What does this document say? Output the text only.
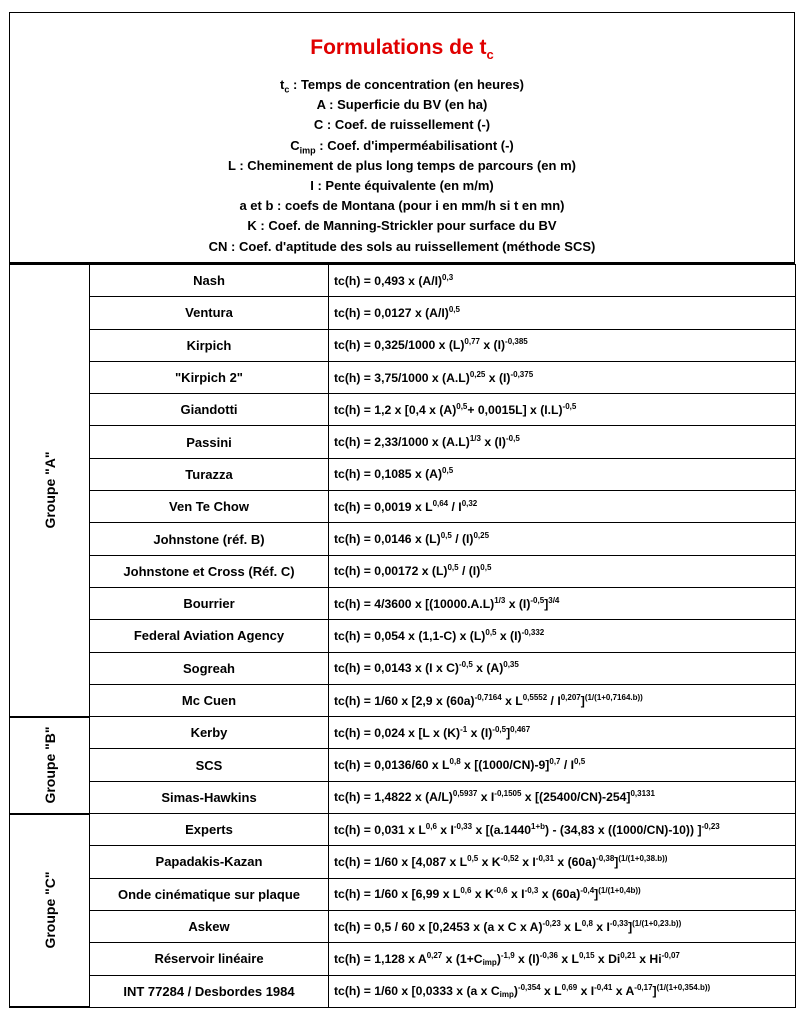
Formulations de $t_c$
$t_c$ : Temps de concentration (en heures)
A : Superficie du BV (en ha)
C : Coef. de ruissellement (-)
$C_{imp}$ : Coef. d'imperméabilisationt (-)
L : Cheminement de plus long temps de parcours (en m)
I : Pente équivalente (en m/m)
a et b : coefs de Montana (pour i en mm/h si t en mn)
K : Coef. de Manning-Strickler pour surface du BV
CN : Coef. d'aptitude des sols au ruissellement (méthode SCS)
Groupe "A"	Nash	tc(h) = 0,493 x $(A/I)^{0,3}$
	Ventura	tc(h) = 0,0127 x $(A/I)^{0,5}$
	Kirpich	tc(h) = 0,325/1000 x $(L)^{0,77}$ x $(I)^{-0,385}$
	"Kirpich 2"	tc(h) = 3,75/1000 x $(A.L)^{0,25}$ x $(I)^{-0,375}$
	Giandotti	tc(h) = 1,2 x [0,4 x $(A)^{0,5}+ 0,0015L$] x $(I.L)^{-0,5}$
	Passini	tc(h) = 2,33/1000 x $(A.L)^{1/3}$ x $(I)^{-0,5}$
	Turazza	tc(h) = 0,1085 x $(A)^{0,5}$
	Ven Te Chow	tc(h) = 0,0019 x L$^{0,64}$ / I$^{0,32}$
	Johnstone (réf. B)	tc(h) = 0,0146 x $(L)^{0,5} / (I)^{0,25}$
	Johnstone et Cross (Réf. C)	tc(h) = 0,00172 x $(L)^{0,5} / (I)^{0,5}$
	Bourrier	tc(h) = 4/3600 x [$(10000.A.L)^{1/3}$ x $(I)^{-0,5}]^{3/4}$
	Federal Aviation Agency	tc(h) = 0,054 x (1,1-C) x $(L)^{0,5}$ x $(I)^{-0,332}$
	Sogreah	tc(h) = 0,0143 x (I x C)$^{-0,5}$ x $(A)^{0,35}$
	Mc Cuen	tc(h) = 1/60 x [2,9 x $(60a)^{-0,7164}$ x $L^{0,5552} / I^{0,207}]^{(1/(1+0,7164.b))}$

Groupe "B"	Kerby	tc(h) = 0,024 x [L x $(K)^{-1}$ x $(I)^{-0,5}]^{0,467}$
	SCS	tc(h) = 0,0136/60 x L$^{0,8}$ x $[(1000/CN)-9]^{0,7} / I^{0,5}$
	Simas-Hawkins	tc(h) = 1,4822 x $(A/L)^{0,5937}$ x $I^{-0,1505}$ x $[(25400/CN)-254]^{0,3131}$

Groupe "C"	Experts	tc(h) = 0,031 x L$^{0,6}$ x $I^{-0,33}$ x [$(a.1440^{1+b}) - (34,83$ x ((1000/CN)-10)) ]$^{-0,23}$
	Papadakis-Kazan	tc(h) = 1/60 x [4,087 x L$^{0,5}$ x $K^{-0,52}$ x $I^{-0,31}$ x $(60a)^{-0,38}]^{(1/(1+0,38.b))}$
	Onde cinématique sur plaque	tc(h) = 1/60 x [6,99 x L$^{0,6}$ x $K^{-0,6}$ x $I^{-0,3}$ x $(60a)^{-0,4}]^{(1/(1+0,4b))}$
	Askew	tc(h) = 0,5 / 60 x [0,2453 x (a x C x A)$^{-0,23}$ x L$^{0,8}$ x $I^{-0,33}]^{(1/(1+0,23.b))}$
	Réservoir linéaire	tc(h) = 1,128 x A$^{0,27}$ x $(1+C_{imp})^{-1,9}$ x $(I)^{-0,36}$ x L$^{0,15}$ x Di$^{0,21}$ x $Hi^{-0,07}$
	INT 77284 / Desbordes 1984	tc(h) = 1/60 x [0,0333 x (a x $C_{imp})^{-0,354}$ x L$^{0,69}$ x $I^{-0,41}$ x $A^{-0,17}]^{(1/(1+0,354.b))}$
